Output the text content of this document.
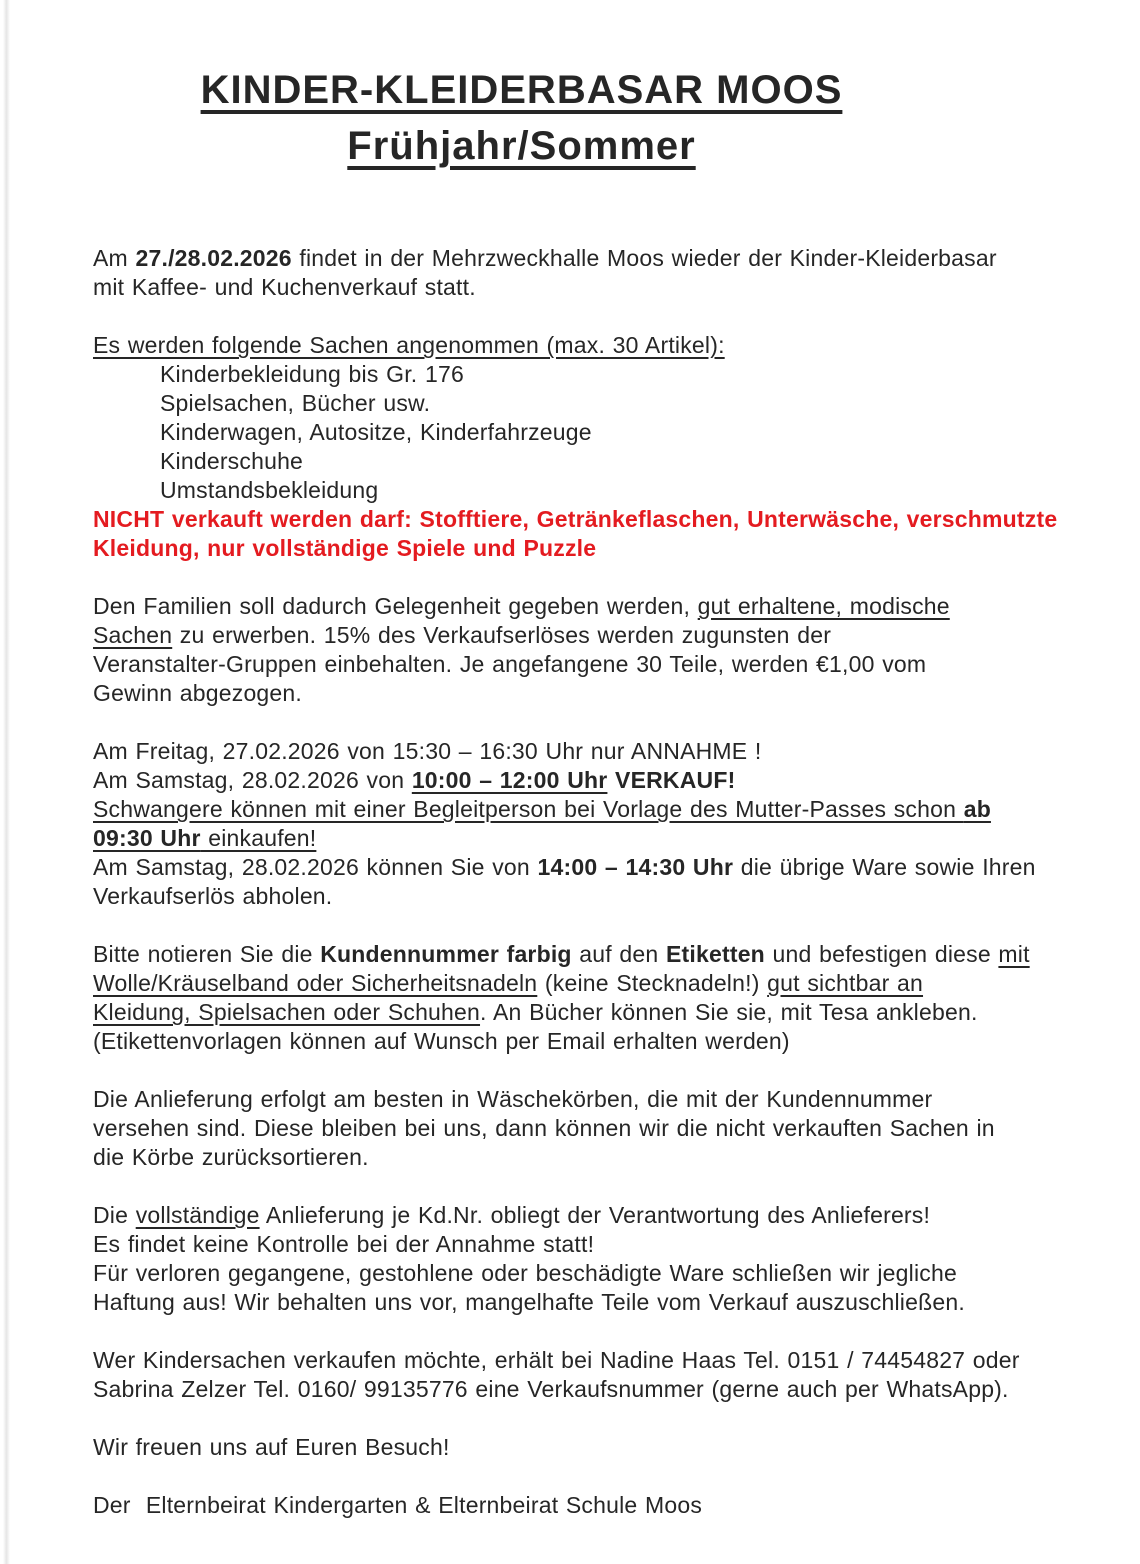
KINDER-KLEIDERBASAR MOOS
Frühjahr/Sommer
Am 27./28.02.2026 findet in der Mehrzweckhalle Moos wieder der Kinder-Kleiderbasar
mit Kaffee- und Kuchenverkauf statt.
Es werden folgende Sachen angenommen (max. 30 Artikel):
Kinderbekleidung bis Gr. 176
Spielsachen, Bücher usw.
Kinderwagen, Autositze, Kinderfahrzeuge
Kinderschuhe
Umstandsbekleidung
NICHT verkauft werden darf: Stofftiere, Getränkeflaschen, Unterwäsche, verschmutzte
Kleidung, nur vollständige Spiele und Puzzle
Den Familien soll dadurch Gelegenheit gegeben werden, gut erhaltene, modische
Sachen zu erwerben. 15% des Verkaufserlöses werden zugunsten der
Veranstalter-Gruppen einbehalten. Je angefangene 30 Teile, werden €1,00 vom
Gewinn abgezogen.
Am Freitag, 27.02.2026 von 15:30 – 16:30 Uhr nur ANNAHME !
Am Samstag, 28.02.2026 von 10:00 – 12:00 Uhr VERKAUF!
Schwangere können mit einer Begleitperson bei Vorlage des Mutter-Passes schon ab
09:30 Uhr einkaufen!
Am Samstag, 28.02.2026 können Sie von 14:00 – 14:30 Uhr die übrige Ware sowie Ihren
Verkaufserlös abholen.
Bitte notieren Sie die Kundennummer farbig auf den Etiketten und befestigen diese mit
Wolle/Kräuselband oder Sicherheitsnadeln (keine Stecknadeln!) gut sichtbar an
Kleidung, Spielsachen oder Schuhen. An Bücher können Sie sie, mit Tesa ankleben.
(Etikettenvorlagen können auf Wunsch per Email erhalten werden)
Die Anlieferung erfolgt am besten in Wäschekörben, die mit der Kundennummer
versehen sind. Diese bleiben bei uns, dann können wir die nicht verkauften Sachen in
die Körbe zurücksortieren.
Die vollständige Anlieferung je Kd.Nr. obliegt der Verantwortung des Anlieferers!
Es findet keine Kontrolle bei der Annahme statt!
Für verloren gegangene, gestohlene oder beschädigte Ware schließen wir jegliche
Haftung aus! Wir behalten uns vor, mangelhafte Teile vom Verkauf auszuschließen.
Wer Kindersachen verkaufen möchte, erhält bei Nadine Haas Tel. 0151 / 74454827 oder
Sabrina Zelzer Tel. 0160/ 99135776 eine Verkaufsnummer (gerne auch per WhatsApp).
Wir freuen uns auf Euren Besuch!
Der  Elternbeirat Kindergarten & Elternbeirat Schule Moos
